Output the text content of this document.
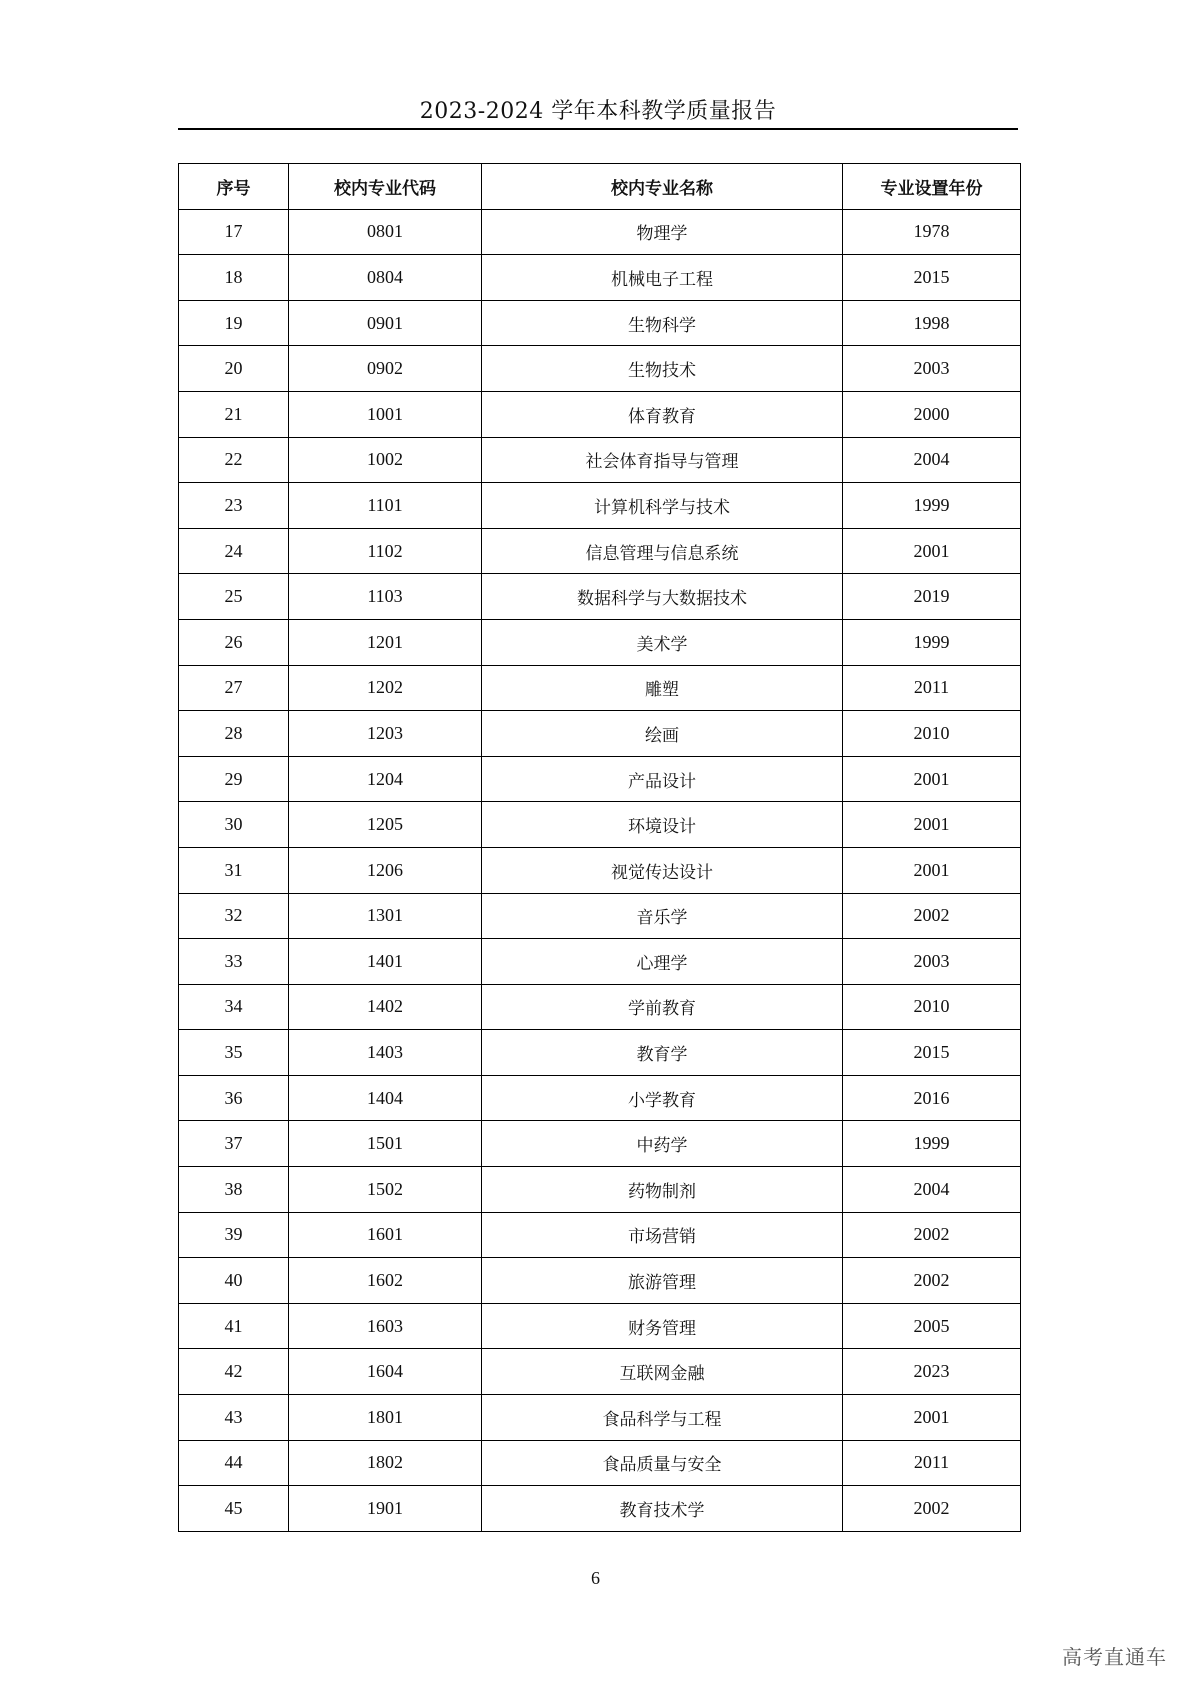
2023-2024 学年本科教学质量报告
序号	校内专业代码	校内专业名称	专业设置年份
17	0801	物理学	1978
18	0804	机械电子工程	2015
19	0901	生物科学	1998
20	0902	生物技术	2003
21	1001	体育教育	2000
22	1002	社会体育指导与管理	2004
23	1101	计算机科学与技术	1999
24	1102	信息管理与信息系统	2001
25	1103	数据科学与大数据技术	2019
26	1201	美术学	1999
27	1202	雕塑	2011
28	1203	绘画	2010
29	1204	产品设计	2001
30	1205	环境设计	2001
31	1206	视觉传达设计	2001
32	1301	音乐学	2002
33	1401	心理学	2003
34	1402	学前教育	2010
35	1403	教育学	2015
36	1404	小学教育	2016
37	1501	中药学	1999
38	1502	药物制剂	2004
39	1601	市场营销	2002
40	1602	旅游管理	2002
41	1603	财务管理	2005
42	1604	互联网金融	2023
43	1801	食品科学与工程	2001
44	1802	食品质量与安全	2011
45	1901	教育技术学	2002
6
高考直通车
